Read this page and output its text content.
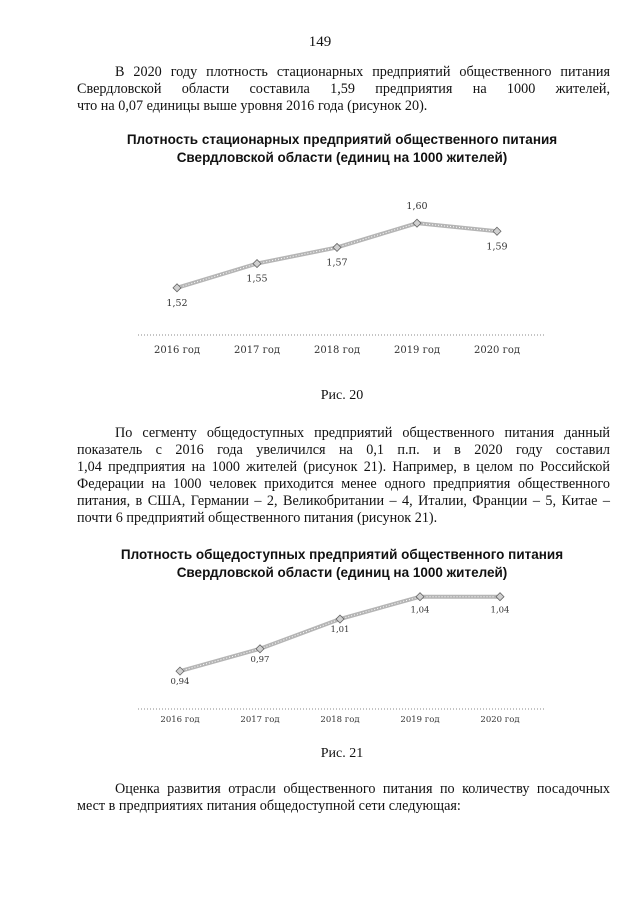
149
В 2020 году плотность стационарных предприятий общественного питания
Свердловской области составила 1,59 предприятия на 1000 жителей,
что на 0,07 единицы выше уровня 2016 года (рисунок 20).
Плотность стационарных предприятий общественного питания
Свердловской области (единиц на 1000 жителей)
1,52
2016 год
1,55
2017 год
1,57
2018 год
1,60
2019 год
1,59
2020 год
Рис. 20
По сегменту общедоступных предприятий общественного питания данный
показатель с 2016 года увеличился на 0,1 п.п. и в 2020 году составил
1,04 предприятия на 1000 жителей (рисунок 21). Например, в целом по Российской
Федерации на 1000 человек приходится менее одного предприятия общественного
питания, в США, Германии – 2, Великобритании – 4, Италии, Франции – 5, Китае –
почти 6 предприятий общественного питания (рисунок 21).
Плотность общедоступных предприятий общественного питания
Свердловской области (единиц на 1000 жителей)
0,94
2016 год
0,97
2017 год
1,01
2018 год
1,04
2019 год
1,04
2020 год
Рис. 21
Оценка развития отрасли общественного питания по количеству посадочных
мест в предприятиях питания общедоступной сети следующая:
